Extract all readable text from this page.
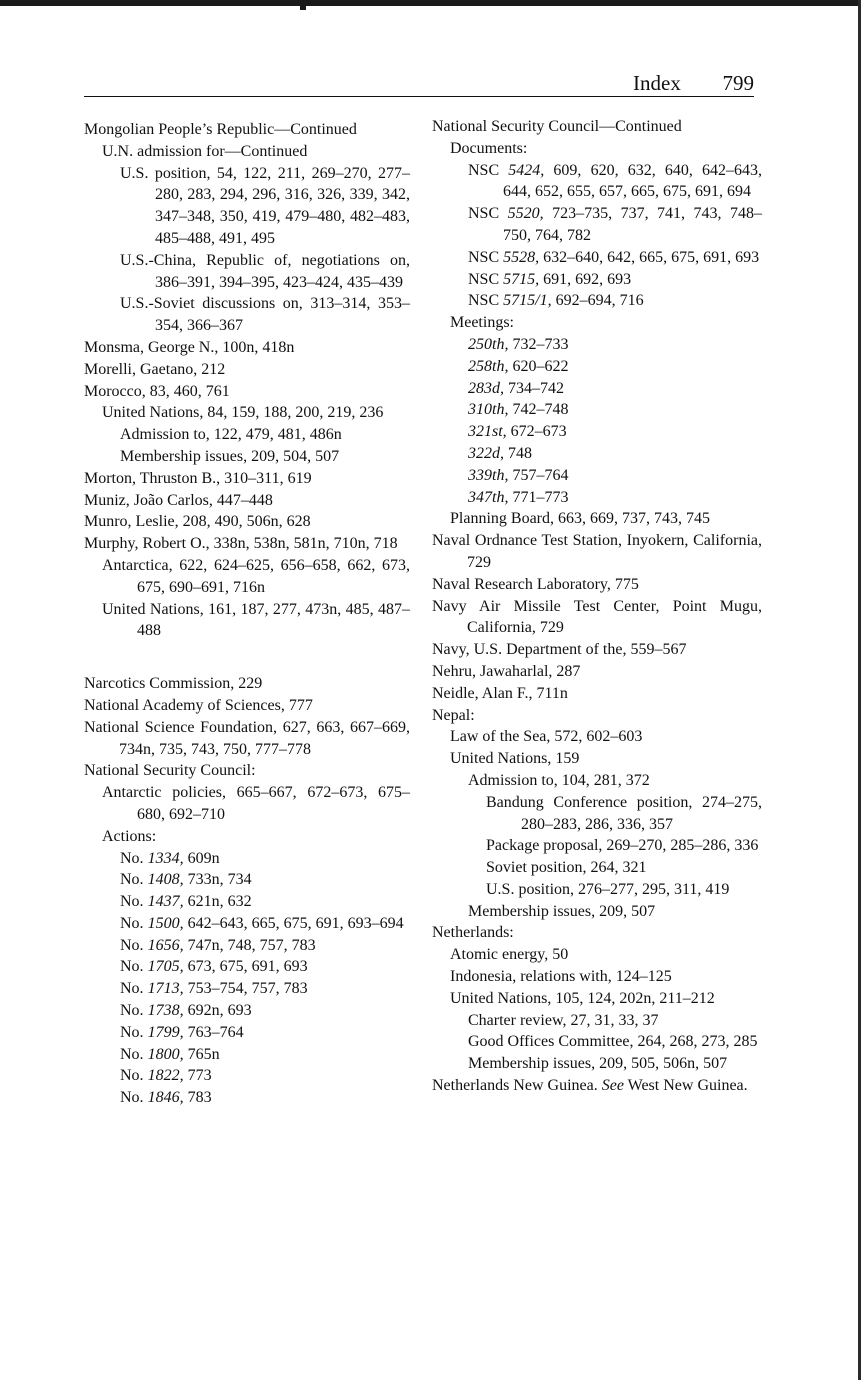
Index 799

Mongolian People’s Republic—Continued

U.N. admission for—Continued

U.S. position, 54, 122, 211, 269–270, 277–280, 283, 294, 296, 316, 326, 339, 342, 347–348, 350, 419, 479–480, 482–483, 485–488, 491, 495

U.S.-China, Republic of, negotiations on, 386–391, 394–395, 423–424, 435–439

U.S.-Soviet discussions on, 313–314, 353–354, 366–367

Monsma, George N., 100n, 418n

Morelli, Gaetano, 212

Morocco, 83, 460, 761

United Nations, 84, 159, 188, 200, 219, 236

Admission to, 122, 479, 481, 486n

Membership issues, 209, 504, 507

Morton, Thruston B., 310–311, 619

Muniz, João Carlos, 447–448

Munro, Leslie, 208, 490, 506n, 628

Murphy, Robert O., 338n, 538n, 581n, 710n, 718

Antarctica, 622, 624–625, 656–658, 662, 673, 675, 690–691, 716n

United Nations, 161, 187, 277, 473n, 485, 487–488

Narcotics Commission, 229

National Academy of Sciences, 777

National Science Foundation, 627, 663, 667–669, 734n, 735, 743, 750, 777–778

National Security Council:

Antarctic policies, 665–667, 672–673, 675–680, 692–710

Actions:

No. 1334, 609n

No. 1408, 733n, 734

No. 1437, 621n, 632

No. 1500, 642–643, 665, 675, 691, 693–694

No. 1656, 747n, 748, 757, 783

No. 1705, 673, 675, 691, 693

No. 1713, 753–754, 757, 783

No. 1738, 692n, 693

No. 1799, 763–764

No. 1800, 765n

No. 1822, 773

No. 1846, 783

National Security Council—Continued

Documents:

NSC 5424, 609, 620, 632, 640, 642–643, 644, 652, 655, 657, 665, 675, 691, 694

NSC 5520, 723–735, 737, 741, 743, 748–750, 764, 782

NSC 5528, 632–640, 642, 665, 675, 691, 693

NSC 5715, 691, 692, 693

NSC 5715/1, 692–694, 716

Meetings:

250th, 732–733

258th, 620–622

283d, 734–742

310th, 742–748

321st, 672–673

322d, 748

339th, 757–764

347th, 771–773

Planning Board, 663, 669, 737, 743, 745

Naval Ordnance Test Station, Inyokern, California, 729

Naval Research Laboratory, 775

Navy Air Missile Test Center, Point Mugu, California, 729

Navy, U.S. Department of the, 559–567

Nehru, Jawaharlal, 287

Neidle, Alan F., 711n

Nepal:

Law of the Sea, 572, 602–603

United Nations, 159

Admission to, 104, 281, 372

Bandung Conference position, 274–275, 280–283, 286, 336, 357

Package proposal, 269–270, 285–286, 336

Soviet position, 264, 321

U.S. position, 276–277, 295, 311, 419

Membership issues, 209, 507

Netherlands:

Atomic energy, 50

Indonesia, relations with, 124–125

United Nations, 105, 124, 202n, 211–212

Charter review, 27, 31, 33, 37

Good Offices Committee, 264, 268, 273, 285

Membership issues, 209, 505, 506n, 507

Netherlands New Guinea. See West New Guinea.
